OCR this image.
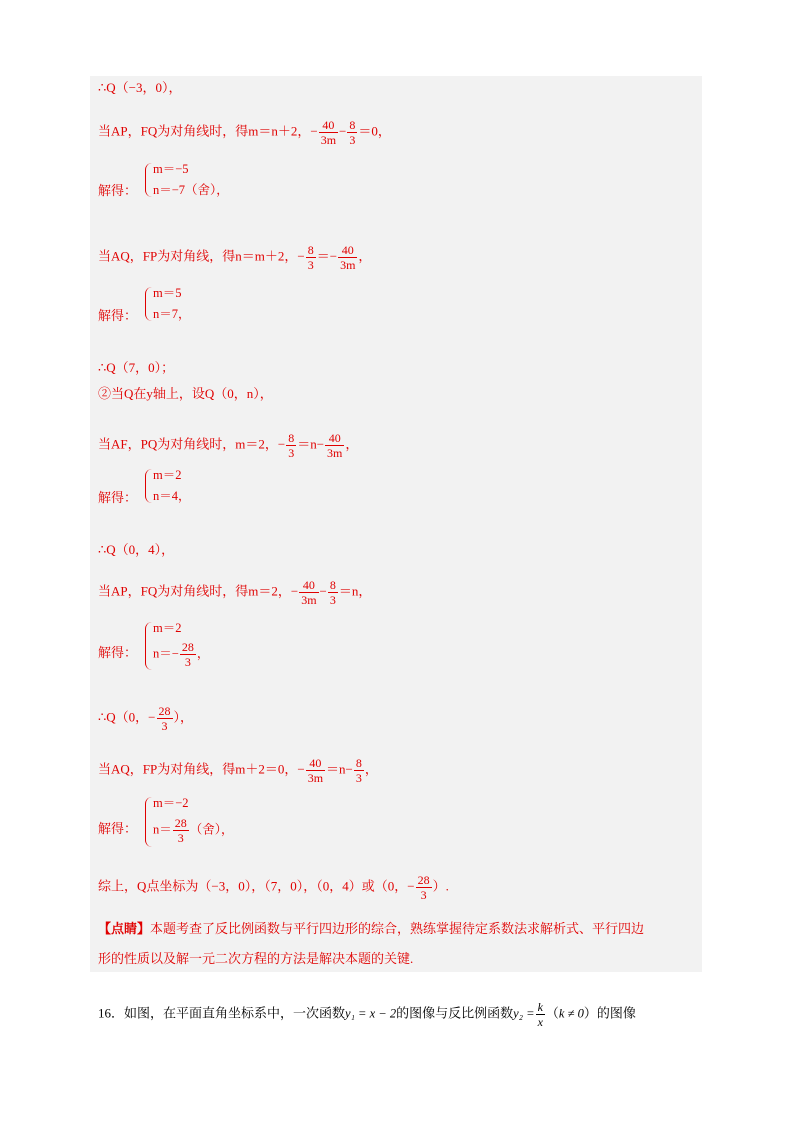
∴Q（−3，0），
当AP，FQ为对角线时，得m＝n＋2，− $\frac{40}{3m} - \frac{8}{3} =0$，
解得：
m＝−5
n＝−7（舍），
当AQ，FP为对角线，得n＝m＋2，− $\frac{8}{3} =- \frac{40}{3m}$ ，
解得：
m＝5
n＝7，
∴Q（7，0）；
②当Q在y轴上，设Q（0，n），
当AF，PQ为对角线时，m＝2，− $\frac{8}{3} =n- \frac{40}{3m}$ ，
解得：
m＝2
n＝4，
∴Q（0，4），
当AP，FQ为对角线时，得m＝2，− $\frac{40}{3m} - \frac{8}{3} =n$，
解得：
m＝2
$n=- \frac{28}{3}$ ，
∴Q（0，− $\frac{28}{3}$ ），
当AQ，FP为对角线，得m＋2＝0，− $\frac{40}{3m} =n- \frac{8}{3}$ ，
解得：
m＝−2
$n= \frac{28}{3}$ （舍），
综上，Q点坐标为（−3，0），（7，0），（0，4）或（0，− $\frac{28}{3}$ ）.
【点睛】本题考查了反比例函数与平行四边形的综合，熟练掌握待定系数法求解析式、平行四边
形的性质以及解一元二次方程的方法是解决本题的关键.
16．如图，在平面直角坐标系中，一次函数y₁ = x − 2的图像与反比例函数$y_2 = \frac{k}{x} (k \ne 0)$的图像
